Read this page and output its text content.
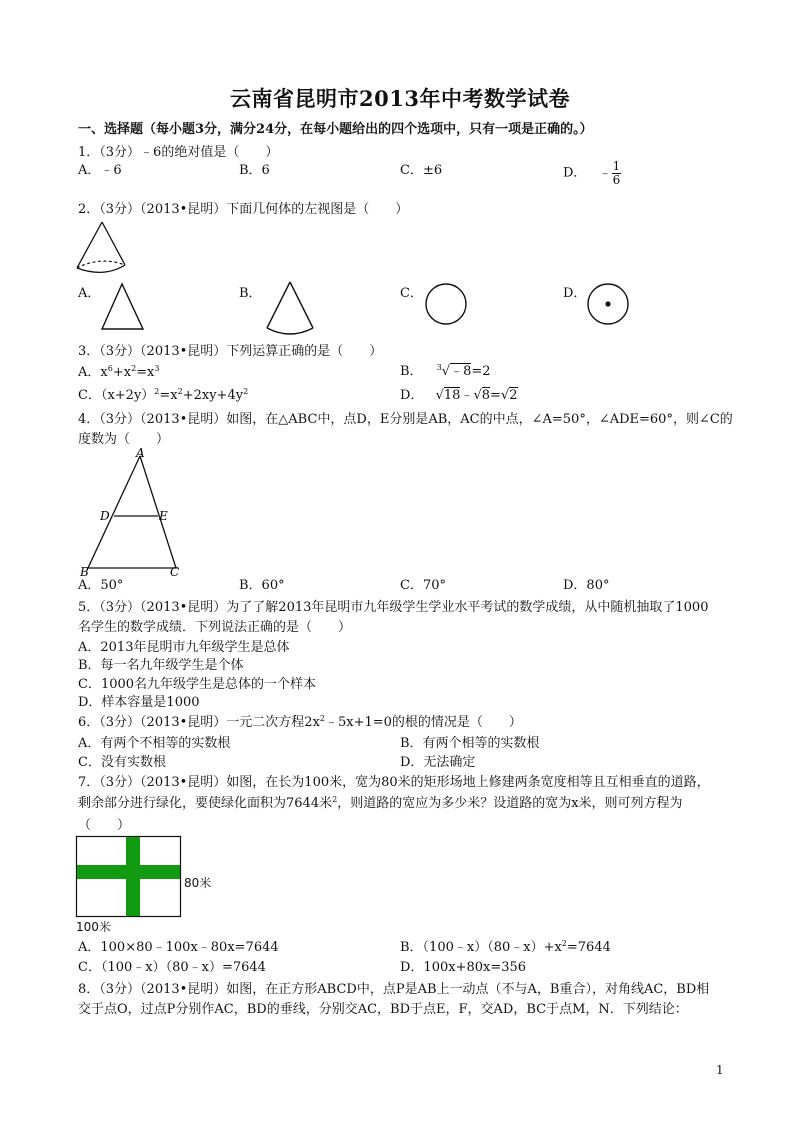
云南省昆明市2013年中考数学试卷
一、选择题（每小题3分，满分24分，在每小题给出的四个选项中，只有一项是正确的。）
1．（3分）﹣6的绝对值是（　　）
A．﹣6	B．6	C．±6	D． ﹣ $\frac{1}{6}$
2．（3分）（2013•昆明）下面几何体的左视图是（　　）
A．	B．	C．	D．
3．（3分）（2013•昆明）下列运算正确的是（　　）
A．$x^6+x^2=x^3$	B． $^3$√﹣8=2
C．$(x+2y)^2=x^2+2xy+4y^2$	D． √18﹣√8=√2
4．（3分）（2013•昆明）如图，在△ABC中，点D，E分别是AB，AC的中点，∠A=50°，∠ADE=60°，则∠C的
度数为（　　）
A
D	E
B	C
A．50°	B．60°	C．70°	D．80°
5．（3分）（2013•昆明）为了了解2013年昆明市九年级学生学业水平考试的数学成绩，从中随机抽取了1000
名学生的数学成绩．下列说法正确的是（　　）
A．2013年昆明市九年级学生是总体
B．每一名九年级学生是个体
C．1000名九年级学生是总体的一个样本
D．样本容量是1000
6．（3分）（2013•昆明）一元二次方程$2x^2﹣5x+1=0$的根的情况是（　　）
A．有两个不相等的实数根	B．有两个相等的实数根
C．没有实数根	D．无法确定
7．（3分）（2013•昆明）如图，在长为100米，宽为80米的矩形场地上修建两条宽度相等且互相垂直的道路，
剩余部分进行绿化，要使绿化面积为7644米$^2$，则道路的宽应为多少米？设道路的宽为x米，则可列方程为
（　　）
80米
100米
A．100×80﹣100x﹣80x=7644	B．$(100﹣x)(80﹣x)+x^2=7644$
C．（100﹣x）（80﹣x）=7644	D．100x+80x=356
8．（3分）（2013•昆明）如图，在正方形ABCD中，点P是AB上一动点（不与A，B重合），对角线AC，BD相
交于点O，过点P分别作AC，BD的垂线，分别交AC，BD于点E，F，交AD，BC于点M，N．下列结论：
1
